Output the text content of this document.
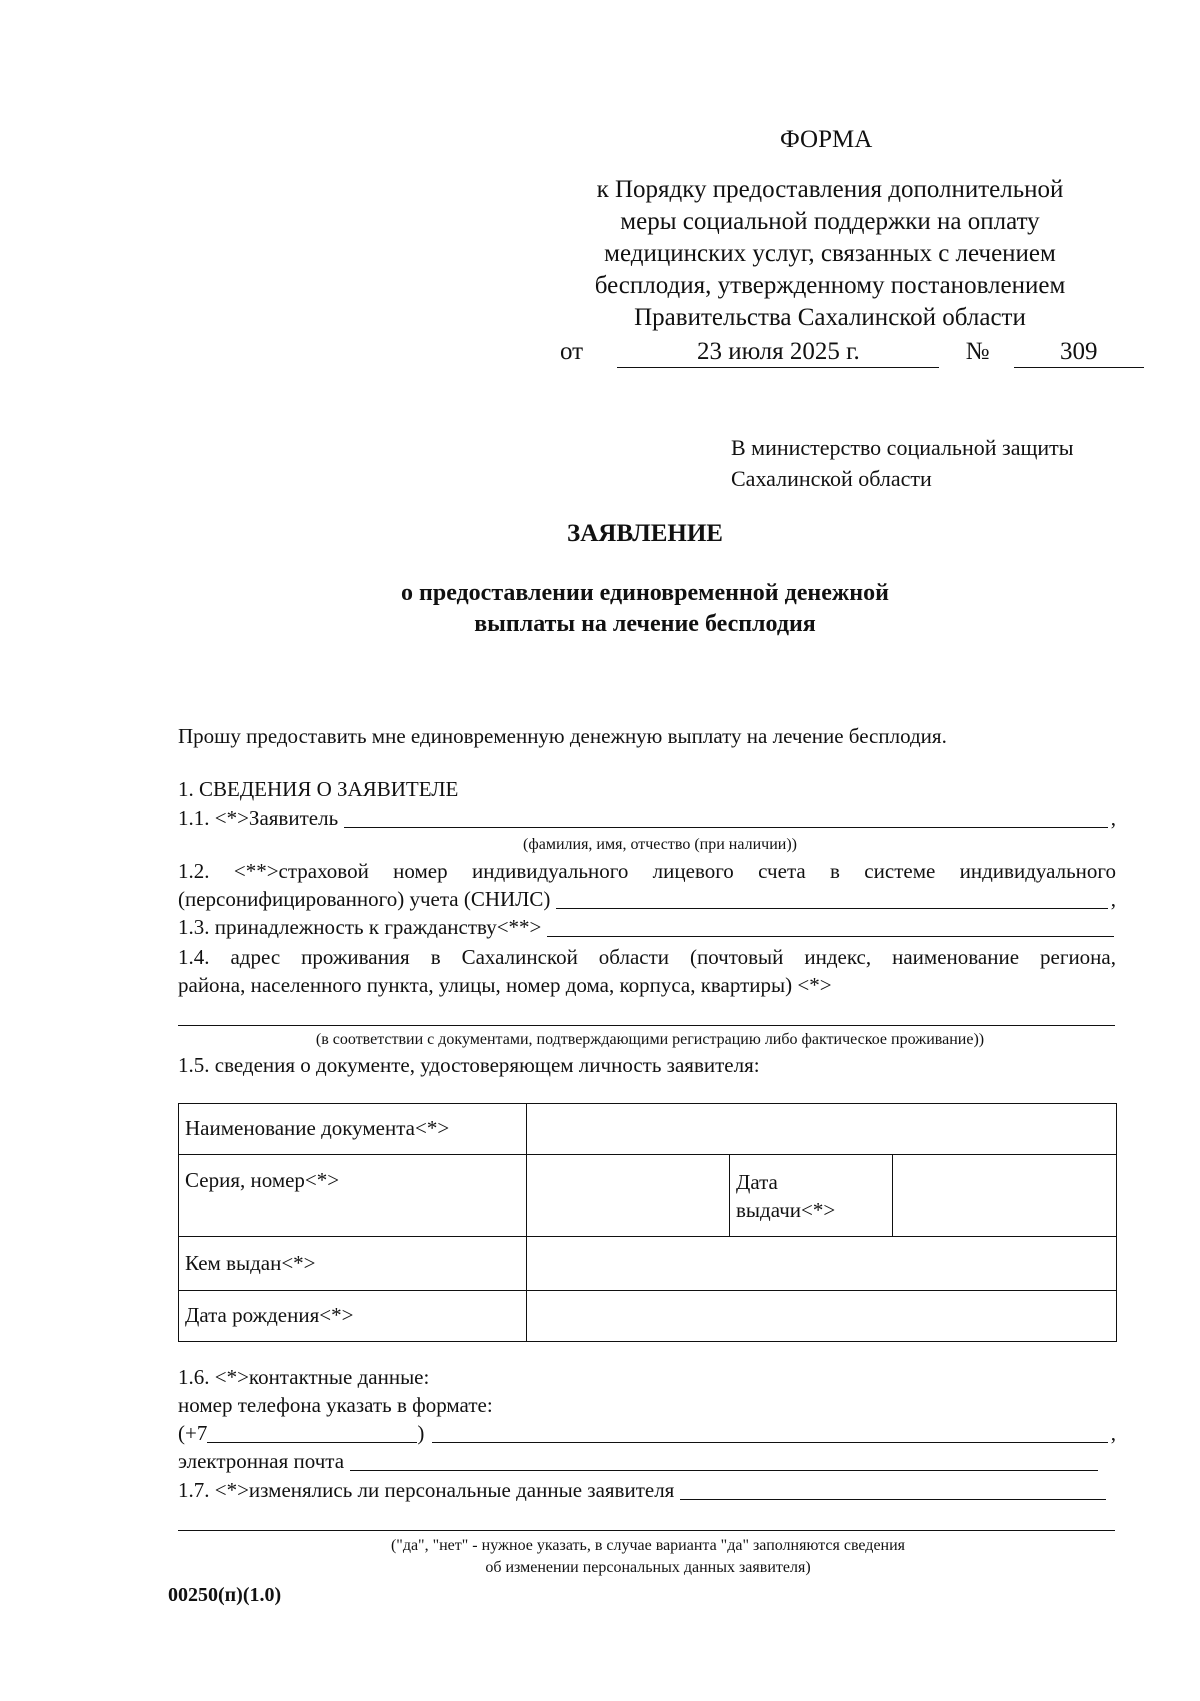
ФОРМА
к Порядку предоставления дополнительной
меры социальной поддержки на оплату
медицинских услуг, связанных с лечением
бесплодия, утвержденному постановлением
Правительства Сахалинской области
от	23 июля 2025 г.	№	309
В министерство социальной защиты
Сахалинской области
ЗАЯВЛЕНИЕ
о предоставлении единовременной денежной
выплаты на лечение бесплодия
Прошу предоставить мне единовременную денежную выплату на лечение бесплодия.
1. СВЕДЕНИЯ О ЗАЯВИТЕЛЕ
1.1. <*>Заявитель	,
(фамилия, имя, отчество (при наличии))
1.2. <**>страховой номер индивидуального лицевого счета в системе индивидуального
(персонифицированного) учета (СНИЛС)	,
1.3. принадлежность к гражданству<**>
1.4. адрес проживания в Сахалинской области (почтовый индекс, наименование региона,
района, населенного пункта, улицы, номер дома, корпуса, квартиры) <*>
(в соответствии с документами, подтверждающими регистрацию либо фактическое проживание))
1.5. сведения о документе, удостоверяющем личность заявителя:
Наименование документа<*>			
Серия, номер<*>		Дата
выдачи<*>	

Кем выдан<*>			
Дата рождения<*>			
1.6. <*>контактные данные:
номер телефона указать в формате:
(+7	)	,
электронная почта
1.7. <*>изменялись ли персональные данные заявителя
("да", "нет" - нужное указать, в случае варианта "да" заполняются сведения
об изменении персональных данных заявителя)
00250(п)(1.0)
